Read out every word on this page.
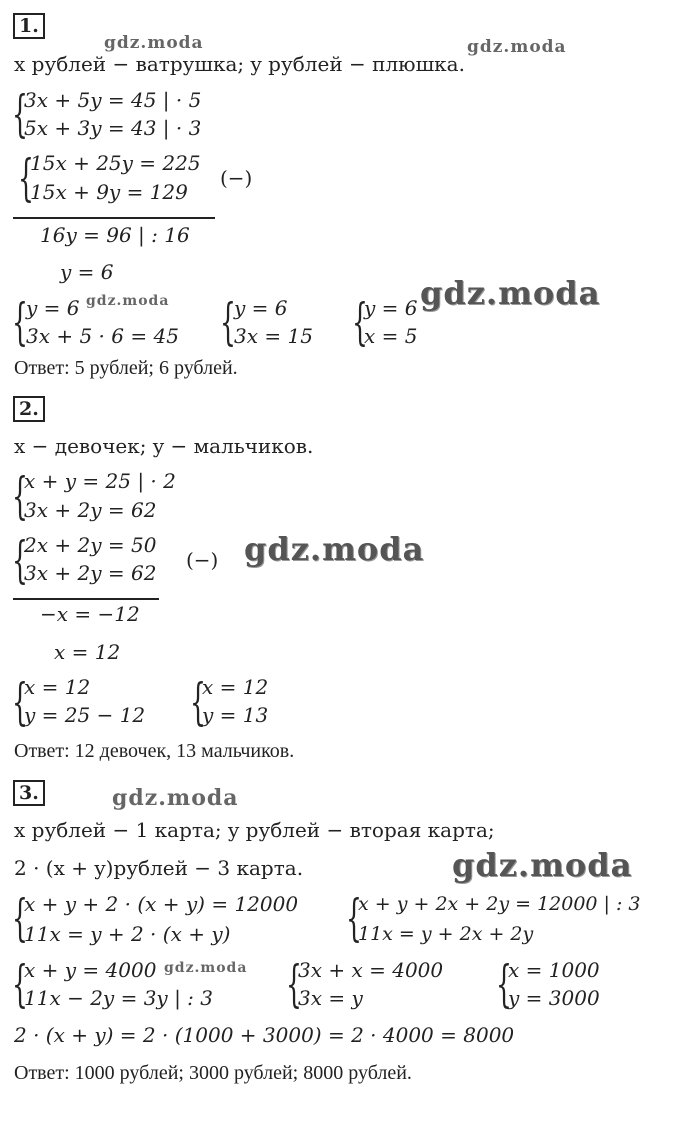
1.
gdz.moda	gdz.moda
x рублей − ватрушка; y рублей − плюшка.
{
3x + 5y = 45 | · 5
5x + 3y = 43 | · 3
{
15x + 25y = 225
15x + 9y = 129
(−)
16y = 96 | : 16
y = 6
{
y = 6
3x + 5 · 6 = 45
gdz.moda {
y = 6
3x = 15 {
y = 6
x = 5
gdz.moda
Ответ: 5 рублей; 6 рублей.
2.
x − девочек; y − мальчиков.
{
x + y = 25 | · 2
3x + 2y = 62
{
2x + 2y = 50
3x + 2y = 62
(−) gdz.moda
−x = −12
x = 12
{
x = 12
y = 25 − 12 {
x = 12
y = 13
Ответ: 12 девочек, 13 мальчиков.
3.	gdz.moda
x рублей − 1 карта; y рублей − вторая карта;
2 · (x + y)рублей − 3 карта.	gdz.moda
{
x + y + 2 · (x + y) = 12000
11x = y + 2 · (x + y) {
x + y + 2x + 2y = 12000 | : 3
11x = y + 2x + 2y
{
x + y = 4000
11x − 2y = 3y | : 3
gdz.moda {
3x + x = 4000
3x = y	{
x = 1000
y = 3000
2 · (x + y) = 2 · (1000 + 3000) = 2 · 4000 = 8000
Ответ: 1000 рублей; 3000 рублей; 8000 рублей.
